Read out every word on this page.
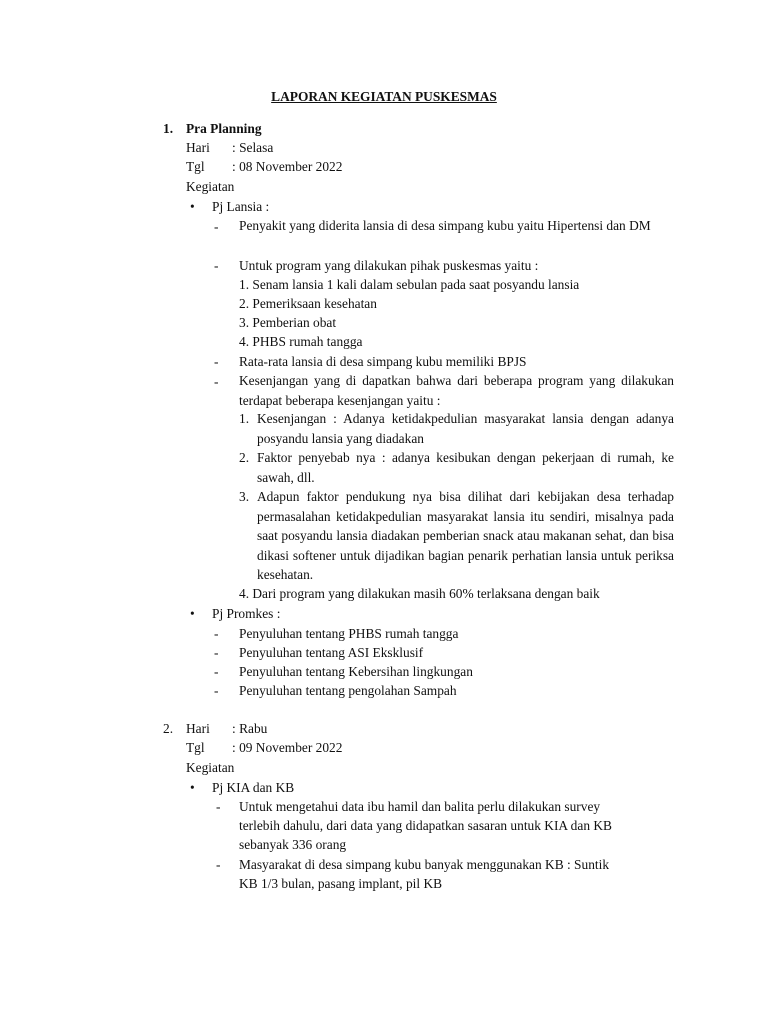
LAPORAN KEGIATAN PUSKESMAS
1. Pra Planning
Hari : Selasa
Tgl : 08 November 2022
Kegiatan
• Pj Lansia :
- Penyakit yang diderita lansia di desa simpang kubu yaitu Hipertensi dan DM
- Untuk program yang dilakukan pihak puskesmas yaitu :
1. Senam lansia 1 kali dalam sebulan pada saat posyandu lansia
2. Pemeriksaan kesehatan
3. Pemberian obat
4. PHBS rumah tangga
- Rata-rata lansia di desa simpang kubu memiliki BPJS
- Kesenjangan yang di dapatkan bahwa dari beberapa program yang dilakukan terdapat beberapa kesenjangan yaitu :
1. Kesenjangan : Adanya ketidakpedulian masyarakat lansia dengan adanya posyandu lansia yang diadakan
2. Faktor penyebab nya : adanya kesibukan dengan pekerjaan di rumah, ke sawah, dll.
3. Adapun faktor pendukung nya bisa dilihat dari kebijakan desa terhadap permasalahan ketidakpedulian masyarakat lansia itu sendiri, misalnya pada saat posyandu lansia diadakan pemberian snack atau makanan sehat, dan bisa dikasi softener untuk dijadikan bagian penarik perhatian lansia untuk periksa kesehatan.
4. Dari program yang dilakukan masih 60% terlaksana dengan baik
• Pj Promkes :
- Penyuluhan tentang PHBS rumah tangga
- Penyuluhan tentang ASI Eksklusif
- Penyuluhan tentang Kebersihan lingkungan
- Penyuluhan tentang pengolahan Sampah
2. Hari : Rabu
Tgl : 09 November 2022
Kegiatan
• Pj KIA dan KB
- Untuk mengetahui data ibu hamil dan balita perlu dilakukan survey
terlebih dahulu, dari data yang didapatkan sasaran untuk KIA dan KB
sebanyak 336 orang
- Masyarakat di desa simpang kubu banyak menggunakan KB : Suntik
KB 1/3 bulan, pasang implant, pil KB
